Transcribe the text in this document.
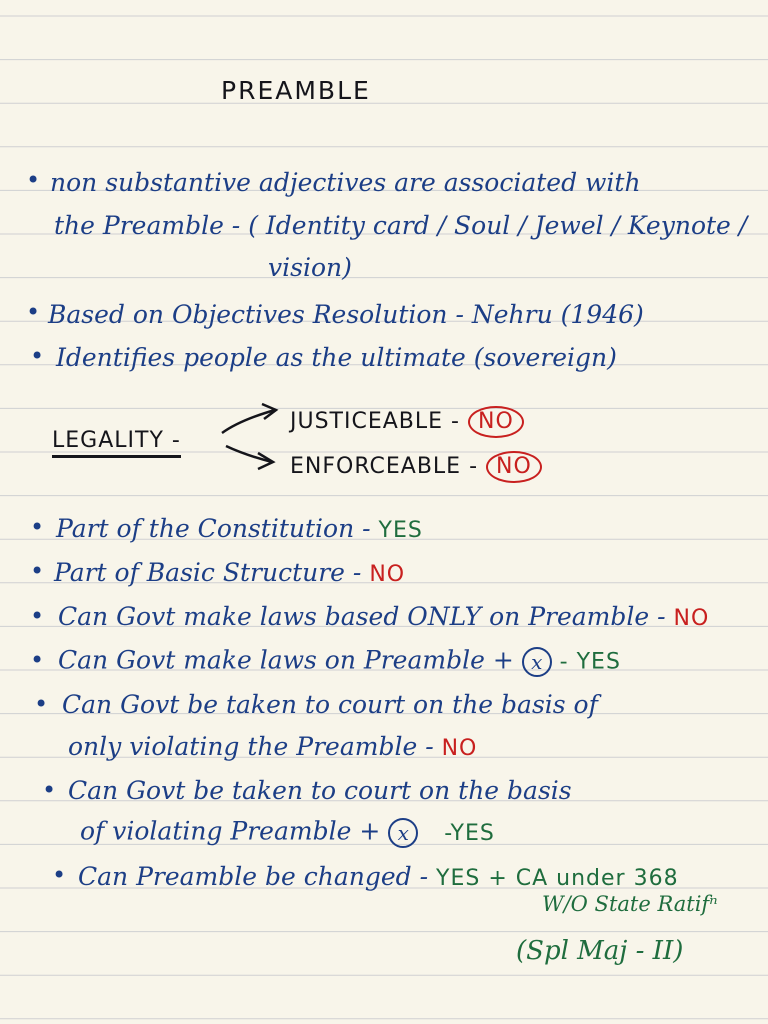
PREAMBLE
• non substantive adjectives are associated with
the Preamble - ( Identity card / Soul / Jewel / Keynote /
vision)
• Based on Objectives Resolution - Nehru (1946)
• Identifies people as the ultimate (sovereign)
LEGALITY -
JUSTICEABLE - NO
ENFORCEABLE - NO
• Part of the Constitution - YES
• Part of Basic Structure - NO
• Can Govt make laws based ONLY on Preamble - NO
• Can Govt make laws on Preamble + x - YES
• Can Govt be taken to court on the basis of
only violating the Preamble - NO
• Can Govt be taken to court on the basis
of violating Preamble + x -YES
• Can Preamble be changed - YES + CA under 368
W/O State Ratifⁿ
(Spl Maj - II)
